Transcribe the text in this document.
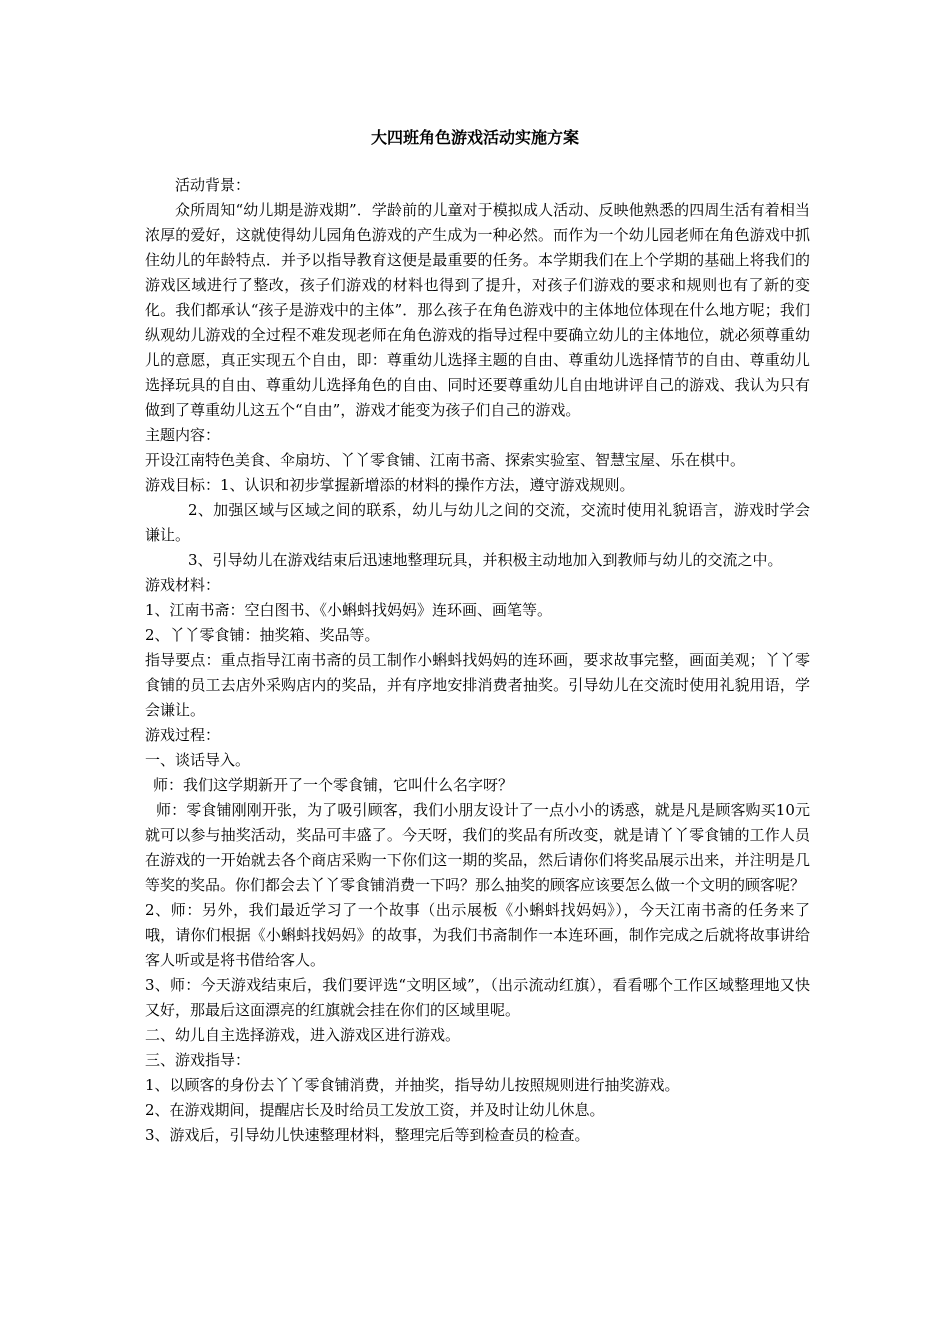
大四班角色游戏活动实施方案

活动背景：

众所周知“幼儿期是游戏期”．学龄前的儿童对于模拟成人活动、反映他熟悉的四周生活有着相当浓厚的爱好，这就使得幼儿园角色游戏的产生成为一种必然。而作为一个幼儿园老师在角色游戏中抓住幼儿的年龄特点．并予以指导教育这便是最重要的任务。本学期我们在上个学期的基础上将我们的游戏区域进行了整改，孩子们游戏的材料也得到了提升，对孩子们游戏的要求和规则也有了新的变化。我们都承认“孩子是游戏中的主体”．那么孩子在角色游戏中的主体地位体现在什么地方呢；我们纵观幼儿游戏的全过程不难发现老师在角色游戏的指导过程中要确立幼儿的主体地位，就必须尊重幼儿的意愿，真正实现五个自由，即：尊重幼儿选择主题的自由、尊重幼儿选择情节的自由、尊重幼儿选择玩具的自由、尊重幼儿选择角色的自由、同时还要尊重幼儿自由地讲评自己的游戏、我认为只有做到了尊重幼儿这五个“自由”，游戏才能变为孩子们自己的游戏。

主题内容：

开设江南特色美食、伞扇坊、丫丫零食铺、江南书斋、探索实验室、智慧宝屋、乐在棋中。

游戏目标：1、认识和初步掌握新增添的材料的操作方法，遵守游戏规则。

2、加强区域与区域之间的联系，幼儿与幼儿之间的交流，交流时使用礼貌语言，游戏时学会谦让。

3、引导幼儿在游戏结束后迅速地整理玩具，并积极主动地加入到教师与幼儿的交流之中。

游戏材料：

1、江南书斋：空白图书、《小蝌蚪找妈妈》连环画、画笔等。

2、丫丫零食铺：抽奖箱、奖品等。

指导要点：重点指导江南书斋的员工制作小蝌蚪找妈妈的连环画，要求故事完整，画面美观；丫丫零食铺的员工去店外采购店内的奖品，并有序地安排消费者抽奖。引导幼儿在交流时使用礼貌用语，学会谦让。

游戏过程：

一、谈话导入。

师：我们这学期新开了一个零食铺，它叫什么名字呀？

师：零食铺刚刚开张，为了吸引顾客，我们小朋友设计了一点小小的诱惑，就是凡是顾客购买10元就可以参与抽奖活动，奖品可丰盛了。今天呀，我们的奖品有所改变，就是请丫丫零食铺的工作人员在游戏的一开始就去各个商店采购一下你们这一期的奖品，然后请你们将奖品展示出来，并注明是几等奖的奖品。你们都会去丫丫零食铺消费一下吗？那么抽奖的顾客应该要怎么做一个文明的顾客呢？

2、师：另外，我们最近学习了一个故事（出示展板《小蝌蚪找妈妈》），今天江南书斋的任务来了哦，请你们根据《小蝌蚪找妈妈》的故事，为我们书斋制作一本连环画，制作完成之后就将故事讲给客人听或是将书借给客人。

3、师：今天游戏结束后，我们要评选“文明区域”，（出示流动红旗），看看哪个工作区域整理地又快又好，那最后这面漂亮的红旗就会挂在你们的区域里呢。

二、幼儿自主选择游戏，进入游戏区进行游戏。

三、游戏指导：

1、以顾客的身份去丫丫零食铺消费，并抽奖，指导幼儿按照规则进行抽奖游戏。

2、在游戏期间，提醒店长及时给员工发放工资，并及时让幼儿休息。

3、游戏后，引导幼儿快速整理材料，整理完后等到检查员的检查。
